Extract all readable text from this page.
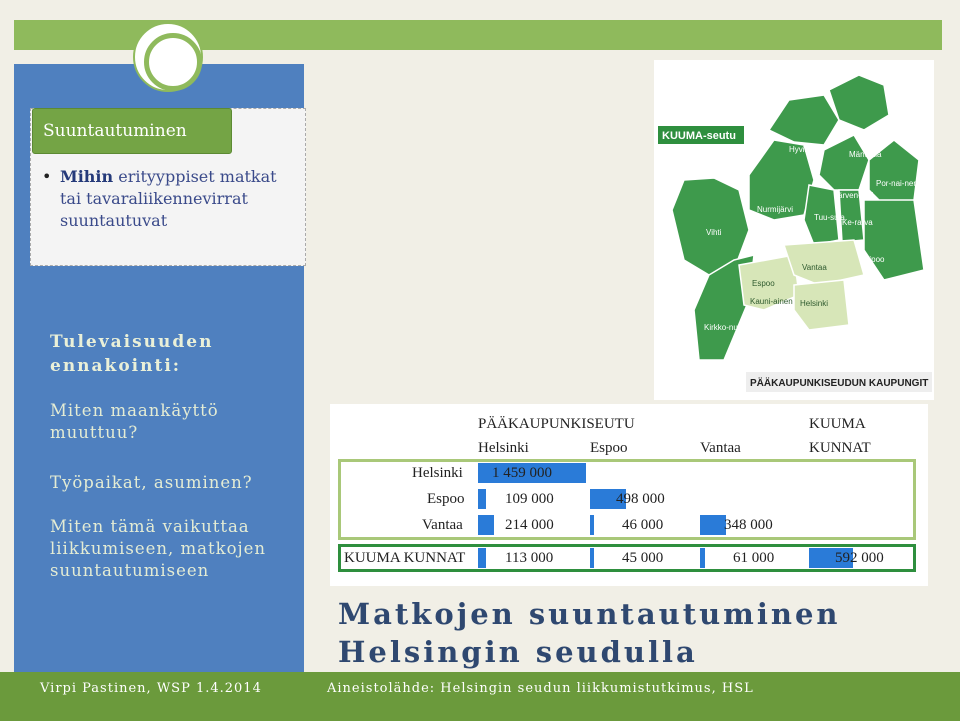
Suuntautuminen
• Mihin erityyppiset matkat tai tavaraliikennevirrat suuntautuvat
Tulevaisuuden ennakointi:
Miten maankäyttö muuttuu?
Työpaikat, asuminen?
Miten tämä vaikuttaa liikkumiseen, matkojen suuntautumiseen
KUUMA-seutu
PÄÄKAUPUNKISEUDUN KAUPUNGIT
Hyvinkää
Mäntsälä
Järven-pää
Por-nai-nen
Nurmijärvi
Vihti
Tuu-sula
Ke-ra-va
Sipoo
Espoo
Vantaa
Kauni-ainen Helsinki
Kirkko-nummi
PÄÄKAUPUNKISEUTU	KUUMA
Helsinki	Espoo	Vantaa	KUNNAT
Helsinki 1 459 000
Espoo	109 000	498 000
Vantaa	214 000	46 000	348 000
KUUMA KUNNAT	113 000	45 000	61 000	592 000
Matkojen suuntautuminen
Helsingin seudulla
Virpi Pastinen, WSP 1.4.2014	Aineistolähde: Helsingin seudun liikkumistutkimus, HSL
